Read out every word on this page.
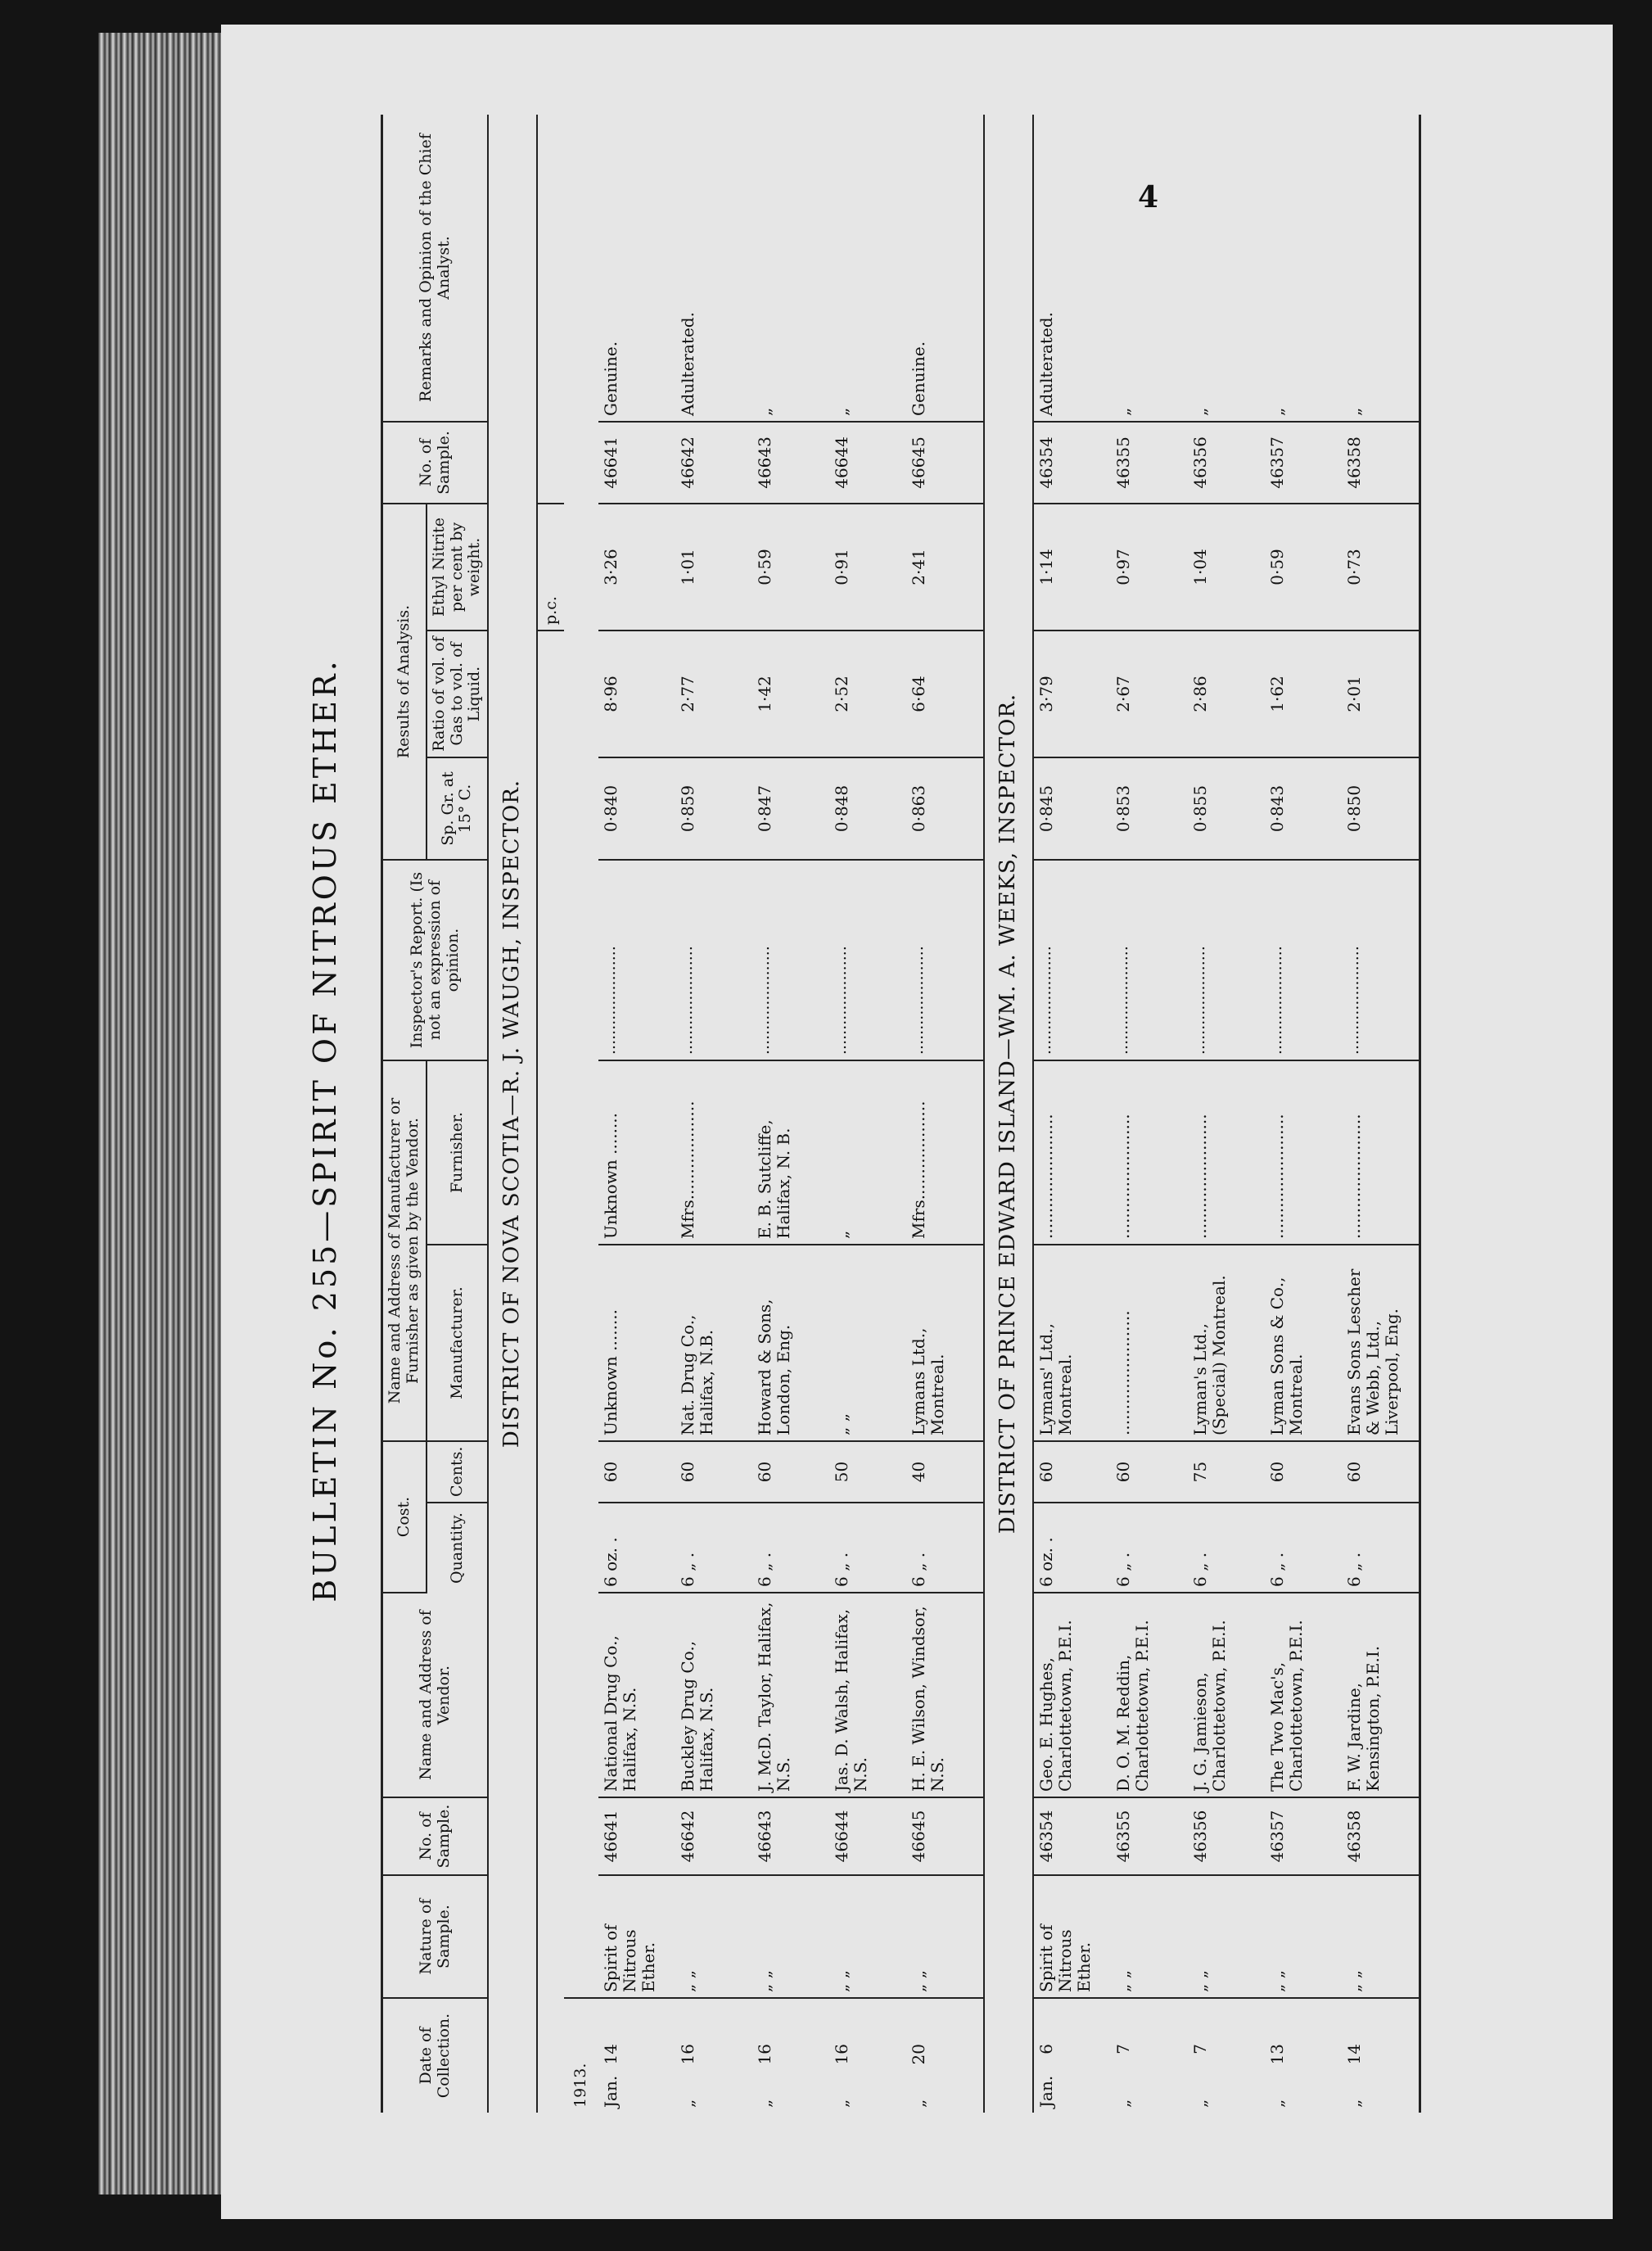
4
BULLETIN No. 255—SPIRIT OF NITROUS ETHER.
Date of Collection.	Nature of Sample.	No. of Sample.	Name and Address of Vendor.	Cost.		Name and Address of Manufacturer or Furnisher as given by the Vendor.		Inspector's Report. (Is not an expression of opinion.	Results of Analysis.			No. of Sample.	Remarks and Opinion of the Chief Analyst.
				Quantity.	Cents.	Manufacturer.	Furnisher.		Sp. Gr. at 15° C.	Ratio of vol. of Gas to vol. of Liquid.	Ethyl Nitrite per cent by weight.		
DISTRICT OF NOVA SCOTIA—R. J. WAUGH, INSPECTOR.													
											p.c.		
1913.													
Jan.14	Spirit of Nitrous Ether.	46641	National Drug Co., Halifax, N.S.	6 oz. .	60	Unknown ........	Unknown ........	......................	0·840	8·96	3·26	46641	Genuine.
„16	„ „	46642	Buckley Drug Co., Halifax, N.S.	6 „ .	60	Nat. Drug Co., Halifax, N.B.	Mfrs...................	......................	0·859	2·77	1·01	46642	Adulterated.
„16	„ „	46643	J. McD. Taylor, Halifax, N.S.	6 „ .	60	Howard & Sons, London, Eng.	E. B. Sutcliffe, Halifax, N. B.	......................	0·847	1·42	0·59	46643	„
„16	„ „	46644	Jas. D. Walsh, Halifax, N.S.	6 „ .	50	„ „	„	......................	0·848	2·52	0·91	46644	„
„20	„ „	46645	H. E. Wilson, Windsor, N.S.	6 „ .	40	Lymans Ltd., Montreal.	Mfrs...................	......................	0·863	6·64	2·41	46645	Genuine.
DISTRICT OF PRINCE EDWARD ISLAND—WM. A. WEEKS, INSPECTOR.													
Jan.6	Spirit of Nitrous Ether.	46354	Geo. E. Hughes, Charlottetown, P.E.I.	6 oz. .	60	Lymans' Ltd., Montreal.	........................	......................	0·845	3·79	1·14	46354	Adulterated.
„7	„ „	46355	D. O. M. Reddin, Charlottetown, P.E.I.	6 „ .	60	........................	........................	......................	0·853	2·67	0·97	46355	„
„7	„ „	46356	J. G. Jamieson, Charlottetown, P.E.I.	6 „ .	75	Lyman's Ltd., (Special) Montreal.	........................	......................	0·855	2·86	1·04	46356	„
„13	„ „	46357	The Two Mac's, Charlottetown, P.E.I.	6 „ .	60	Lyman Sons & Co., Montreal.	........................	......................	0·843	1·62	0·59	46357	„
„14	„ „	46358	F. W. Jardine, Kensington, P.E.I.	6 „ .	60	Evans Sons Lescher & Webb, Ltd., Liverpool, Eng.	........................	......................	0·850	2·01	0·73	46358	„
